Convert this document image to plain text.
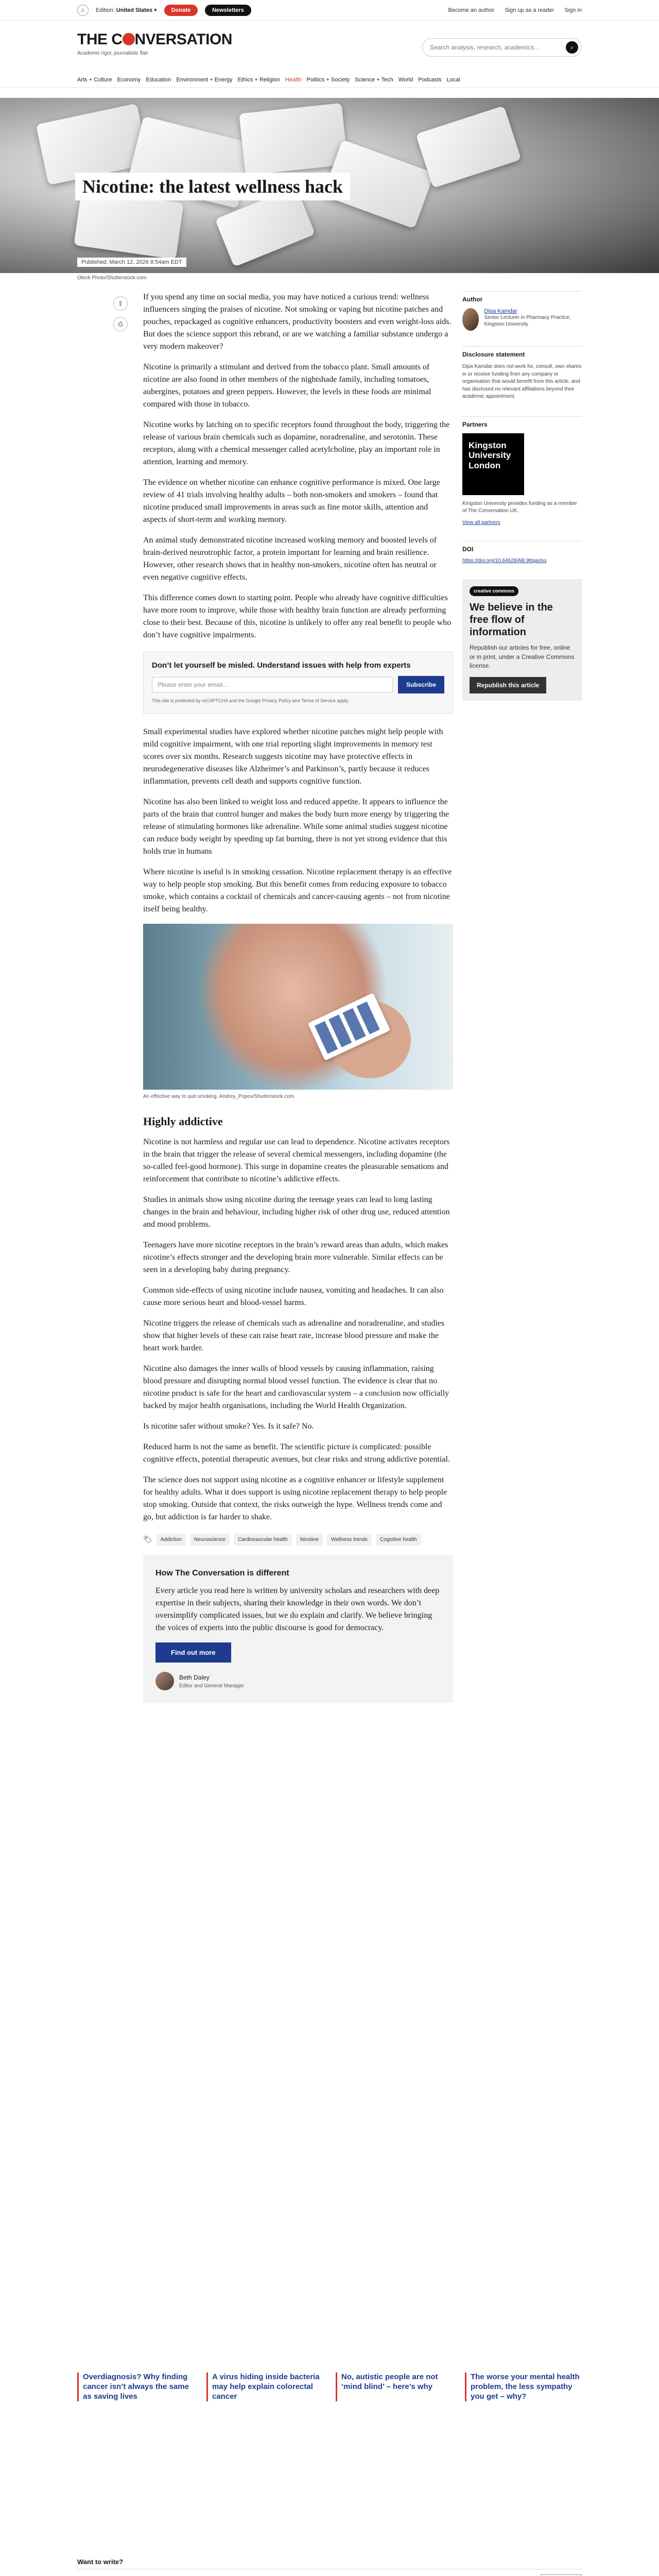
⌂	Edition: United States ▾	Donate	Newsletters	Become an author Sign up as a reader Sign in
THE C NVERSATION
Academic rigor, journalistic flair
Search analysis, research, academics…	⌕
Arts + Culture Economy Education Environment + Energy Ethics + Religion Health Politics + Society Science + Tech World Podcasts Local
Nicotine: the latest wellness hack
Published: March 12, 2026 8:54am EDT
Oleck Photo/Shutterstock.com
⇪
⎙

If you spend any time on social media, you may have noticed a curious trend: wellness influencers singing the praises of nicotine. Not smoking or vaping but nicotine patches and pouches, repackaged as cognitive enhancers, productivity boosters and even weight-loss aids. But does the science support this rebrand, or are we watching a familiar substance undergo a very modern makeover?

Nicotine is primarily a stimulant and derived from the tobacco plant. Small amounts of nicotine are also found in other members of the nightshade family, including tomatoes, aubergines, potatoes and green peppers. However, the levels in these foods are minimal compared with those in tobacco.

Nicotine works by latching on to specific receptors found throughout the body, triggering the release of various brain chemicals such as dopamine, noradrenaline, and serotonin. These receptors, along with a chemical messenger called acetylcholine, play an important role in attention, learning and memory.

The evidence on whether nicotine can enhance cognitive performance is mixed. One large review of 41 trials involving healthy adults – both non-smokers and smokers – found that nicotine produced small improvements in areas such as fine motor skills, attention and aspects of short-term and working memory.

An animal study demonstrated nicotine increased working memory and boosted levels of brain-derived neurotrophic factor, a protein important for learning and brain resilience. However, other research shows that in healthy non-smokers, nicotine often has neutral or even negative cognitive effects.

This difference comes down to starting point. People who already have cognitive difficulties have more room to improve, while those with healthy brain function are already performing close to their best. Because of this, nicotine is unlikely to offer any real benefit to people who don’t have cognitive impairments.

Don’t let yourself be misled. Understand issues with help from experts
Please enter your email...	Subscribe
This site is protected by reCAPTCHA and the Google Privacy Policy and Terms of Service apply.

Small experimental studies have explored whether nicotine patches might help people with mild cognitive impairment, with one trial reporting slight improvements in memory test scores over six months. Research suggests nicotine may have protective effects in neurodegenerative diseases like Alzheimer’s and Parkinson’s, partly because it reduces inflammation, prevents cell death and supports cognitive function.

Nicotine has also been linked to weight loss and reduced appetite. It appears to influence the parts of the brain that control hunger and makes the body burn more energy by triggering the release of stimulating hormones like adrenaline. While some animal studies suggest nicotine can reduce body weight by speeding up fat burning, there is not yet strong evidence that this holds true in humans

Where nicotine is useful is in smoking cessation. Nicotine replacement therapy is an effective way to help people stop smoking. But this benefit comes from reducing exposure to tobacco smoke, which contains a cocktail of chemicals and cancer-causing agents – not from nicotine itself being healthy.

An effective way to quit smoking. Andrey_Popov/Shutterstock.com
Highly addictive

Nicotine is not harmless and regular use can lead to dependence. Nicotine activates receptors in the brain that trigger the release of several chemical messengers, including dopamine (the so-called feel-good hormone). This surge in dopamine creates the pleasurable sensations and reinforcement that contribute to nicotine’s addictive effects.

Studies in animals show using nicotine during the teenage years can lead to long lasting changes in the brain and behaviour, including higher risk of other drug use, reduced attention and mood problems.

Teenagers have more nicotine receptors in the brain’s reward areas than adults, which makes nicotine’s effects stronger and the developing brain more vulnerable. Similar effects can be seen in a developing baby during pregnancy.

Common side-effects of using nicotine include nausea, vomiting and headaches. It can also cause more serious heart and blood-vessel harms.

Nicotine triggers the release of chemicals such as adrenaline and noradrenaline, and studies show that higher levels of these can raise heart rate, increase blood pressure and make the heart work harder.

Nicotine also damages the inner walls of blood vessels by causing inflammation, raising blood pressure and disrupting normal blood vessel function. The evidence is clear that no nicotine product is safe for the heart and cardiovascular system – a conclusion now officially backed by major health organisations, including the World Health Organization.

Is nicotine safer without smoke? Yes. Is it safe? No.

Reduced harm is not the same as benefit. The scientific picture is complicated: possible cognitive effects, potential therapeutic avenues, but clear risks and strong addictive potential.

The science does not support using nicotine as a cognitive enhancer or lifestyle supplement for healthy adults. What it does support is using nicotine replacement therapy to help people stop smoking. Outside that context, the risks outweigh the hype. Wellness trends come and go, but addiction is far harder to shake.

🏷	Addiction	Neuroscience	Cardiovascular health	Nicotine	Wellness trends	Cognitive health
How The Conversation is different

Every article you read here is written by university scholars and researchers with deep expertise in their subjects, sharing their knowledge in their own words. We don’t oversimplify complicated issues, but we do explain and clarify. We believe bringing the voices of experts into the public discourse is good for democracy.

Find out more
Beth Daley
Editor and General Manager
Author
Dipa Kamdar
Senior Lecturer in Pharmacy Practice, Kingston University
Disclosure statement
Dipa Kamdar does not work for, consult, own shares in or receive funding from any company or organisation that would benefit from this article, and has disclosed no relevant affiliations beyond their academic appointment.
Partners
Kingston University London
Kingston University provides funding as a member of The Conversation UK.
View all partners
DOI
https://doi.org/10.64628/AB.9ttqaxtxv
creative commons
We believe in the free flow of information
Republish our articles for free, online or in print, under a Creative Commons license.
Republish this article
Overdiagnosis? Why finding cancer isn’t always the same as saving lives
A virus hiding inside bacteria may help explain colorectal cancer
No, autistic people are not ‘mind blind’ – here’s why
The worse your mental health problem, the less sympathy you get – why?
Want to write?
